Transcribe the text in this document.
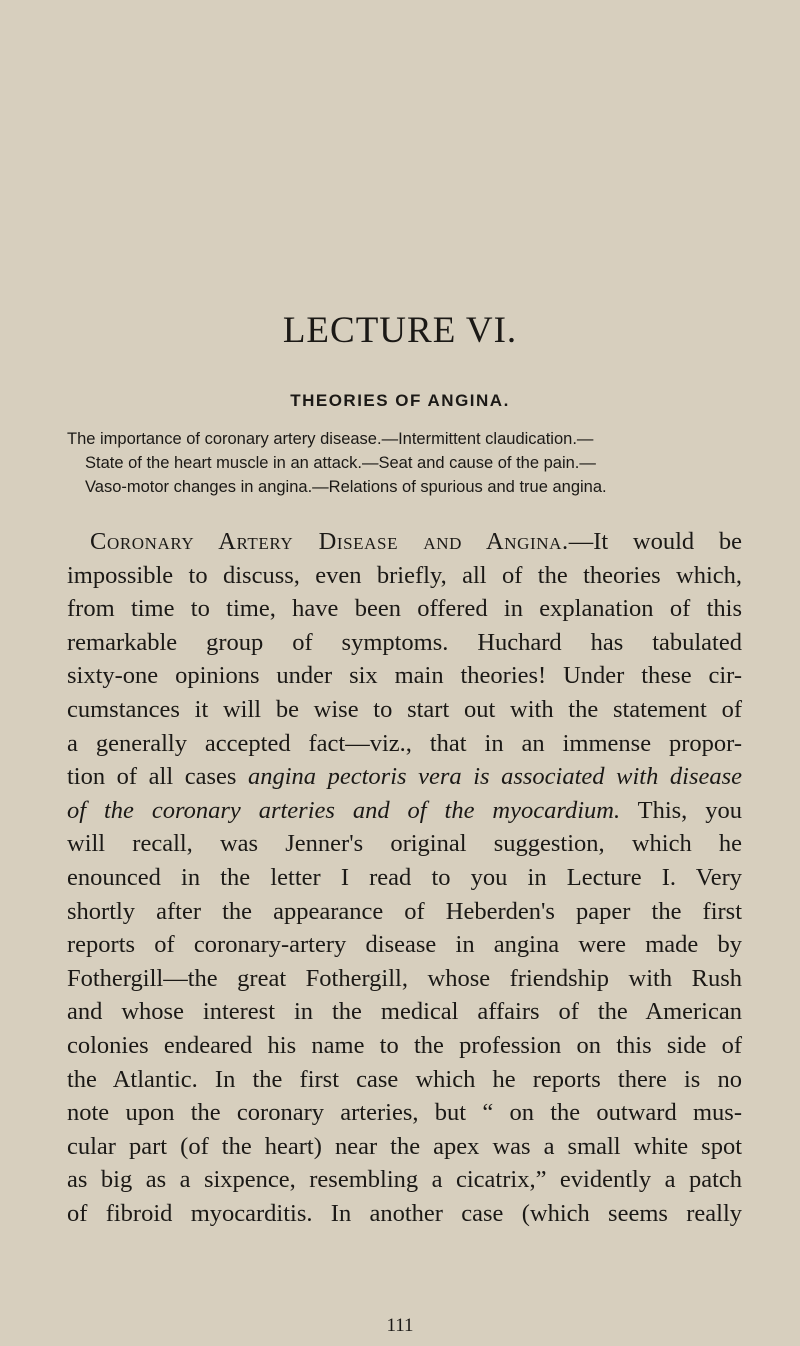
LECTURE VI.
THEORIES OF ANGINA.
The importance of coronary artery disease.—Intermittent claudication.—
State of the heart muscle in an attack.—Seat and cause of the pain.—
Vaso-motor changes in angina.—Relations of spurious and true angina.
Coronary Artery Disease and Angina.—It would be
impossible to discuss, even briefly, all of the theories which,
from time to time, have been offered in explanation of this
remarkable group of symptoms. Huchard has tabulated
sixty-one opinions under six main theories! Under these cir-
cumstances it will be wise to start out with the statement of
a generally accepted fact—viz., that in an immense propor-
tion of all cases angina pectoris vera is associated with disease
of the coronary arteries and of the myocardium. This, you
will recall, was Jenner's original suggestion, which he
enounced in the letter I read to you in Lecture I. Very
shortly after the appearance of Heberden's paper the first
reports of coronary-artery disease in angina were made by
Fothergill—the great Fothergill, whose friendship with Rush
and whose interest in the medical affairs of the American
colonies endeared his name to the profession on this side of
the Atlantic. In the first case which he reports there is no
note upon the coronary arteries, but “ on the outward mus-
cular part (of the heart) near the apex was a small white spot
as big as a sixpence, resembling a cicatrix,” evidently a patch
of fibroid myocarditis. In another case (which seems really
111
